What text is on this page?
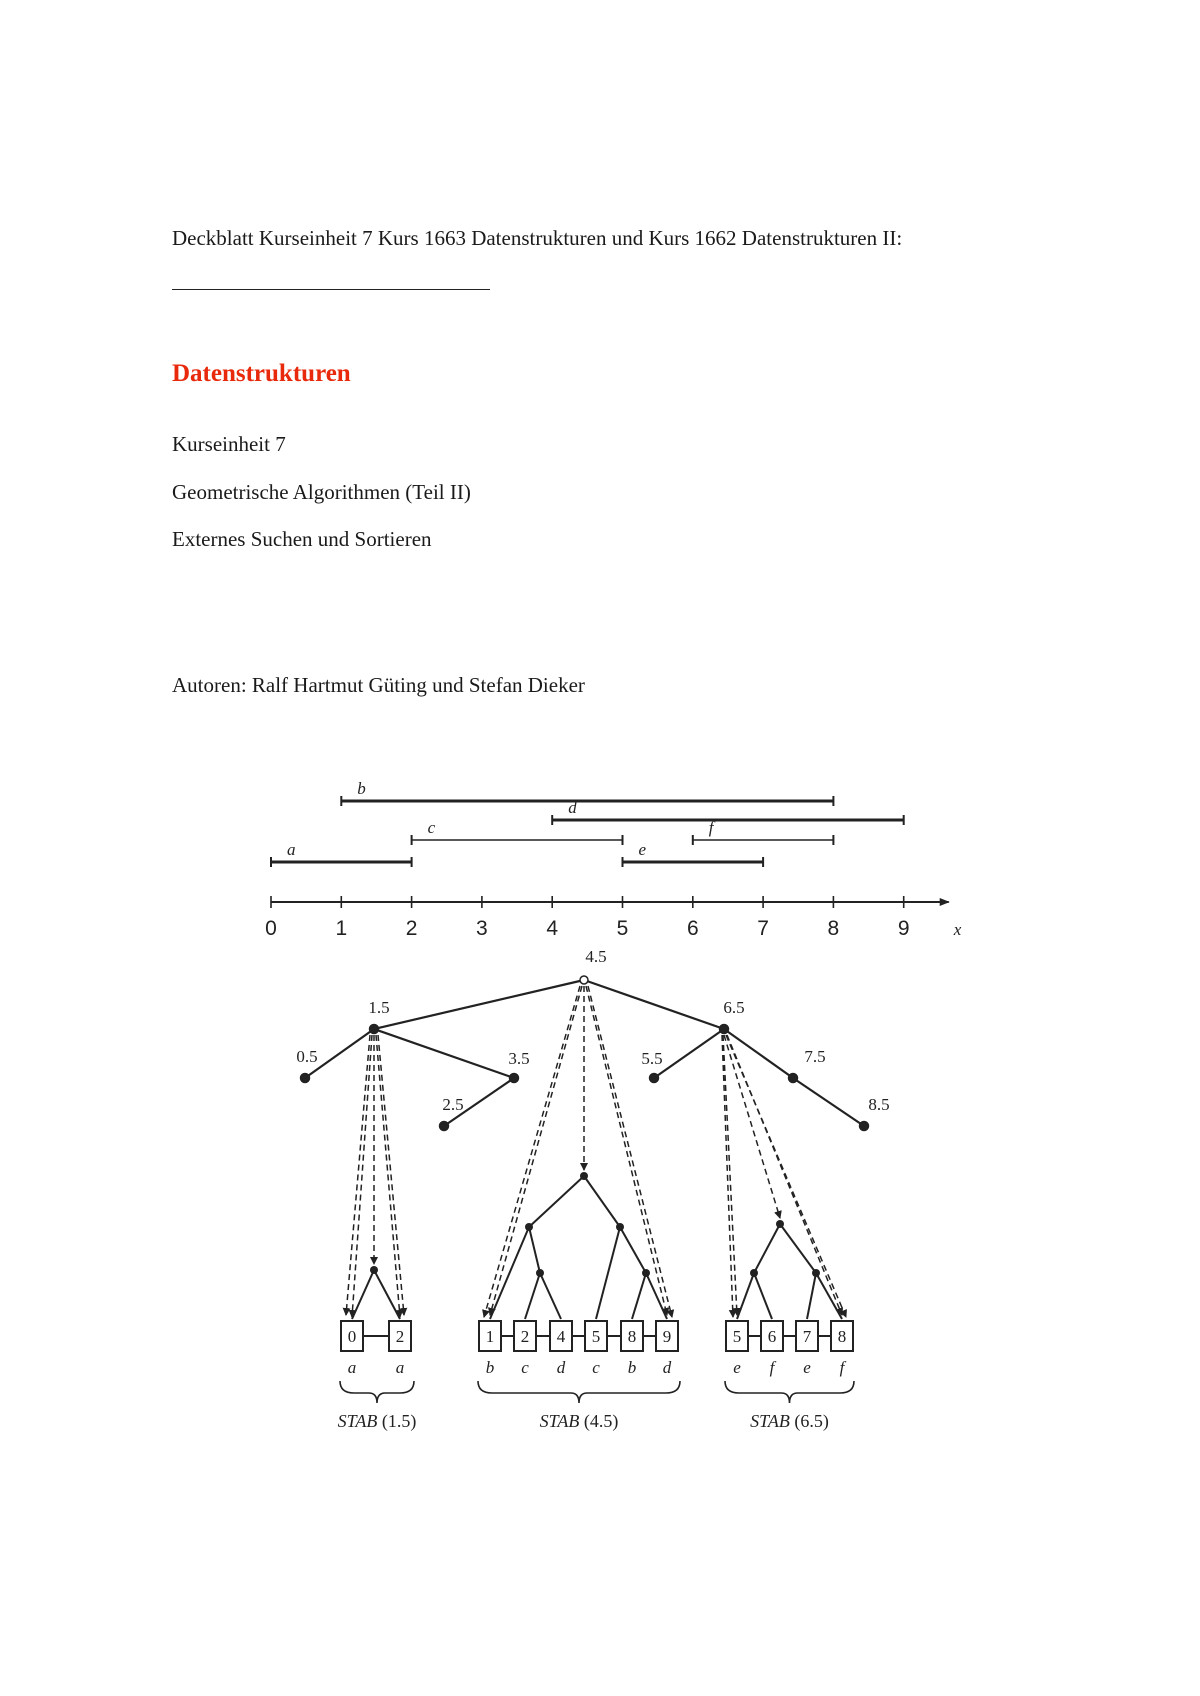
Deckblatt Kurseinheit 7 Kurs 1663 Datenstrukturen und Kurs 1662 Datenstrukturen II:
Datenstrukturen
Kurseinheit 7
Geometrische Algorithmen (Teil II)
Externes Suchen und Sortieren
Autoren: Ralf Hartmut Güting und Stefan Dieker
b
d
c	f
a	e
0	1	2	3	4	5	6	7	8	9	x
4.5
1.5	6.5
0.5	3.5
2.5
5.5	7.5
8.5
0
a
2
a
STAB (1.5)
1
b
2
c
4
d
5
c
8
b
9
d
STAB (4.5)
5
e
6
f
7
e
8
f
STAB (6.5)
